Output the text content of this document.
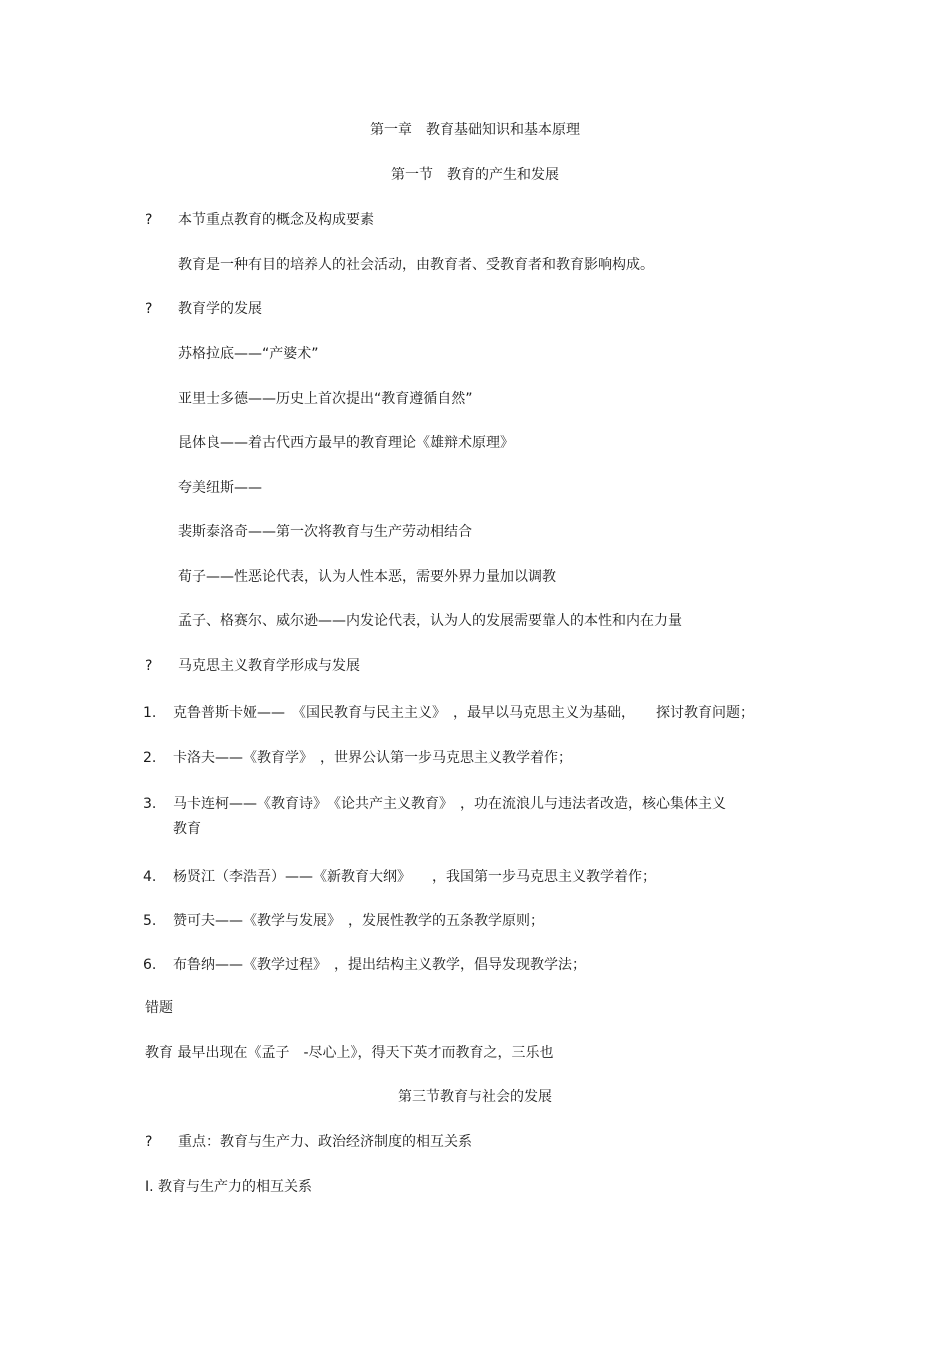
第一章　教育基础知识和基本原理
第一节　教育的产生和发展
? 本节重点教育的概念及构成要素
教育是一种有目的培养人的社会活动，由教育者、受教育者和教育影响构成。
? 教育学的发展
苏格拉底——“产婆术”
亚里士多德——历史上首次提出“教育遵循自然”
昆体良——着古代西方最早的教育理论《雄辩术原理》
夸美纽斯——
裴斯泰洛奇——第一次将教育与生产劳动相结合
荀子——性恶论代表，认为人性本恶，需要外界力量加以调教
孟子、格赛尔、威尔逊——内发论代表，认为人的发展需要靠人的本性和内在力量
? 马克思主义教育学形成与发展
1. 克鲁普斯卡娅——　《国民教育与民主主义》　，最早以马克思主义为基础，　　探讨教育问题；
2. 卡洛夫——《教育学》　，世界公认第一步马克思主义教学着作；
3. 马卡连柯——《教育诗》　《论共产主义教育》　，功在流浪儿与违法者改造，核心集体主义
教育
4. 杨贤江（李浩吾）——《新教育大纲》　　，我国第一步马克思主义教学着作；
5. 赞可夫——《教学与发展》　，发展性教学的五条教学原则；
6. 布鲁纳——《教学过程》　，提出结构主义教学，倡导发现教学法；
错题
教育 最早出现在《孟子　-尽心上》，得天下英才而教育之，三乐也
第三节教育与社会的发展
? 重点：教育与生产力、政治经济制度的相互关系
Ⅰ. 教育与生产力的相互关系
